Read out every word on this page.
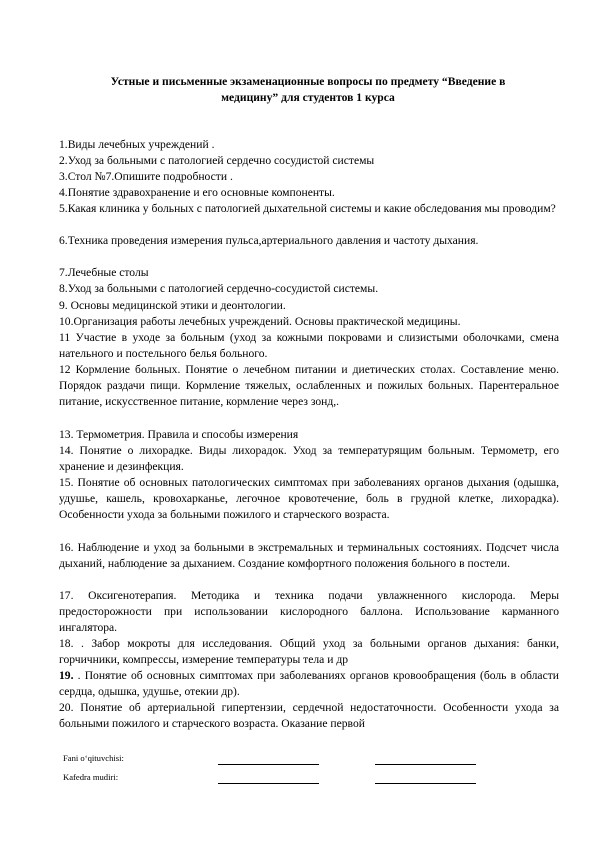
Устные и письменные экзаменационные вопросы по предмету “Введение в
медицину” для студентов 1 курса
1.Виды лечебных учреждений .
2.Уход за больными с патологией сердечно сосудистой системы
3.Стол №7.Опишите подробности .
4.Понятие здравохранение и его основные компоненты.
5.Какая клиника у больных с патологией дыхательной системы и какие обследования мы проводим?
6.Техника проведения измерения пульса,артериального давления и частоту дыхания.
7.Лечебные столы
8.Уход за больными с патологией сердечно-сосудистой системы.
9. Основы медицинской этики и деонтологии.
10.Организация работы лечебных учреждений. Основы практической медицины.
11 Участие в уходе за больным (уход за кожными покровами и слизистыми оболочками, смена нательного и постельного белья больного.
12 Кормление больных. Понятие о лечебном питании и диетических столах. Составление меню. Порядок раздачи пищи. Кормление тяжелых, ослабленных и пожилых больных. Парентеральное питание, искусственное питание, кормление через зонд,.
13. Термометрия. Правила и способы измерения
14. Понятие о лихорадке. Виды лихорадок. Уход за температурящим больным. Термометр, его хранение и дезинфекция.
15. Понятие об основных патологических симптомах при заболеваниях органов дыхания (одышка, удушье, кашель, кровохарканье, легочное кровотечение, боль в грудной клетке, лихорадка). Особенности ухода за больными пожилого и старческого возраста.
16. Наблюдение и уход за больными в экстремальных и терминальных состояниях. Подсчет числа дыханий, наблюдение за дыханием. Создание комфортного положения больного в постели.
17. Оксигенотерапия. Методика и техника подачи увлажненного кислорода. Меры предосторожности при использовании кислородного баллона. Использование карманного ингалятора.
18. . Забор мокроты для исследования. Общий уход за больными органов дыхания: банки, горчичники, компрессы, измерение температуры тела и др
19. . Понятие об основных симптомах при заболеваниях органов кровообращения (боль в области сердца, одышка, удушье, отекии др).
20. Понятие об артериальной гипертензии, сердечной недостаточности. Особенности ухода за больными пожилого и старческого возраста. Оказание первой
Fani o‘qituvchisi:
Kafedra mudiri:
